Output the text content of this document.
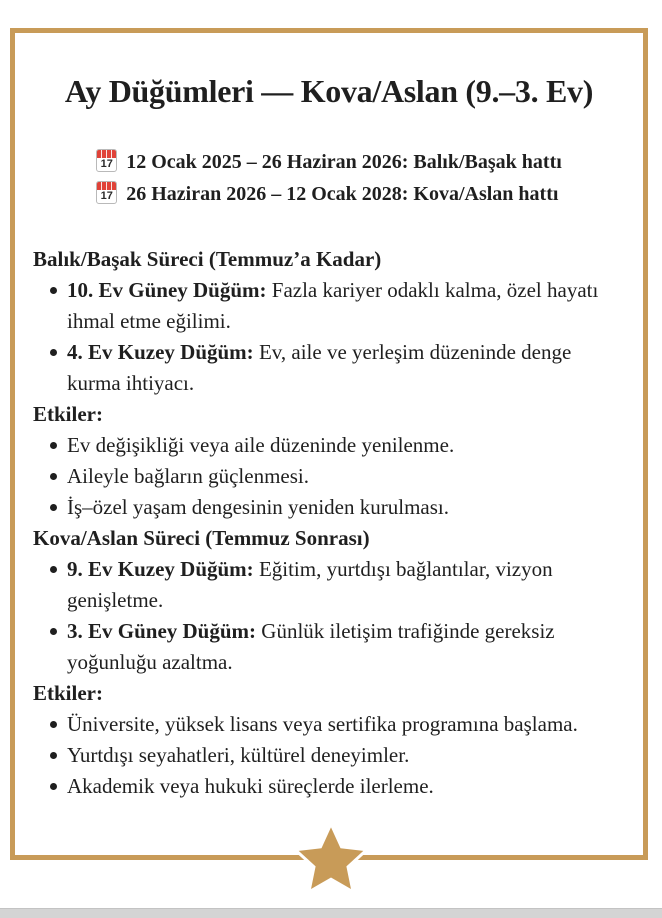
Ay Düğümleri — Kova/Aslan (9.–3. Ev)
17 12 Ocak 2025 – 26 Haziran 2026: Balık/Başak hattı
17 26 Haziran 2026 – 12 Ocak 2028: Kova/Aslan hattı
Balık/Başak Süreci (Temmuz’a Kadar)

10. Ev Güney Düğüm: Fazla kariyer odaklı kalma, özel hayatı ihmal etme eğilimi.

4. Ev Kuzey Düğüm: Ev, aile ve yerleşim düzeninde denge kurma ihtiyacı.

Etkiler:

Ev değişikliği veya aile düzeninde yenilenme.

Aileyle bağların güçlenmesi.

İş–özel yaşam dengesinin yeniden kurulması.

Kova/Aslan Süreci (Temmuz Sonrası)

9. Ev Kuzey Düğüm: Eğitim, yurtdışı bağlantılar, vizyon genişletme.

3. Ev Güney Düğüm: Günlük iletişim trafiğinde gereksiz yoğunluğu azaltma.

Etkiler:

Üniversite, yüksek lisans veya sertifika programına başlama.

Yurtdışı seyahatleri, kültürel deneyimler.

Akademik veya hukuki süreçlerde ilerleme.
